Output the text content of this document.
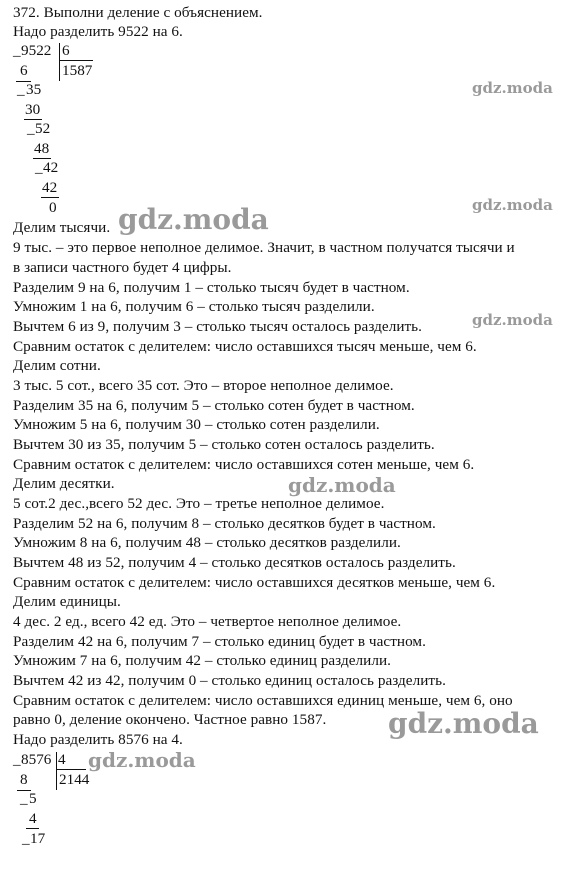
372. Выполни деление с объяснением.
Надо разделить 9522 на 6.
_ 9522 6
1587
6
_ 35
30
_ 52
48
_ 42
42
0
Делим тысячи.
9 тыс. – это первое неполное делимое. Значит, в частном получатся тысячи и
в записи частного будет 4 цифры.
Разделим 9 на 6, получим 1 – столько тысяч будет в частном.
Умножим 1 на 6, получим 6 – столько тысяч разделили.
Вычтем 6 из 9, получим 3 – столько тысяч осталось разделить.
Сравним остаток с делителем: число оставшихся тысяч меньше, чем 6.
Делим сотни.
3 тыс. 5 сот., всего 35 сот. Это – второе неполное делимое.
Разделим 35 на 6, получим 5 – столько сотен будет в частном.
Умножим 5 на 6, получим 30 – столько сотен разделили.
Вычтем 30 из 35, получим 5 – столько сотен осталось разделить.
Сравним остаток с делителем: число оставшихся сотен меньше, чем 6.
Делим десятки.
5 сот.2 дес.,всего 52 дес. Это – третье неполное делимое.
Разделим 52 на 6, получим 8 – столько десятков будет в частном.
Умножим 8 на 6, получим 48 – столько десятков разделили.
Вычтем 48 из 52, получим 4 – столько десятков осталось разделить.
Сравним остаток с делителем: число оставшихся десятков меньше, чем 6.
Делим единицы.
4 дес. 2 ед., всего 42 ед. Это – четвертое неполное делимое.
Разделим 42 на 6, получим 7 – столько единиц будет в частном.
Умножим 7 на 6, получим 42 – столько единиц разделили.
Вычтем 42 из 42, получим 0 – столько единиц осталось разделить.
Сравним остаток с делителем: число оставшихся единиц меньше, чем 6, оно
равно 0, деление окончено. Частное равно 1587.
Надо разделить 8576 на 4.
_ 8576 4
2144
8
_ 5
4
_ 17
gdz.moda
gdz.moda
gdz.moda
gdz.moda
gdz.moda
gdz.moda
gdz.moda
